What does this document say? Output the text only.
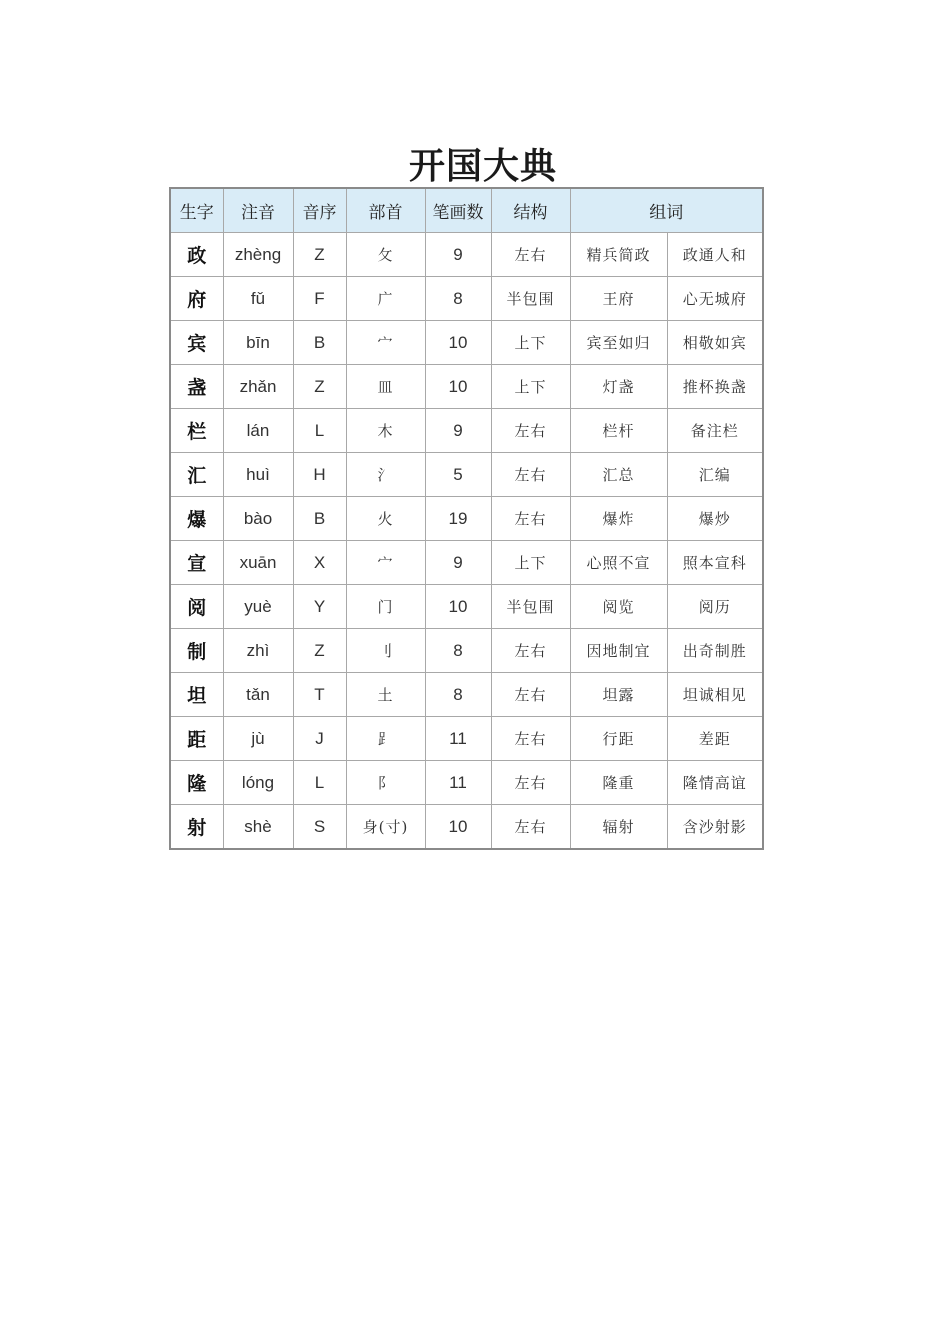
开国大典
生字	注音	音序	部首	笔画数	结构	组词	
政	zhèng	Z	攵	9	左右	精兵简政	政通人和
府	fǔ	F	广	8	半包围	王府	心无城府
宾	bīn	B	宀	10	上下	宾至如归	相敬如宾
盏	zhǎn	Z	皿	10	上下	灯盏	推杯换盏
栏	lán	L	木	9	左右	栏杆	备注栏
汇	huì	H	氵	5	左右	汇总	汇编
爆	bào	B	火	19	左右	爆炸	爆炒
宣	xuān	X	宀	9	上下	心照不宣	照本宣科
阅	yuè	Y	门	10	半包围	阅览	阅历
制	zhì	Z	刂	8	左右	因地制宜	出奇制胜
坦	tǎn	T	土	8	左右	坦露	坦诚相见
距	jù	J	⻊	11	左右	行距	差距
隆	lóng	L	阝	11	左右	隆重	隆情高谊
射	shè	S	身(寸)	10	左右	辐射	含沙射影
